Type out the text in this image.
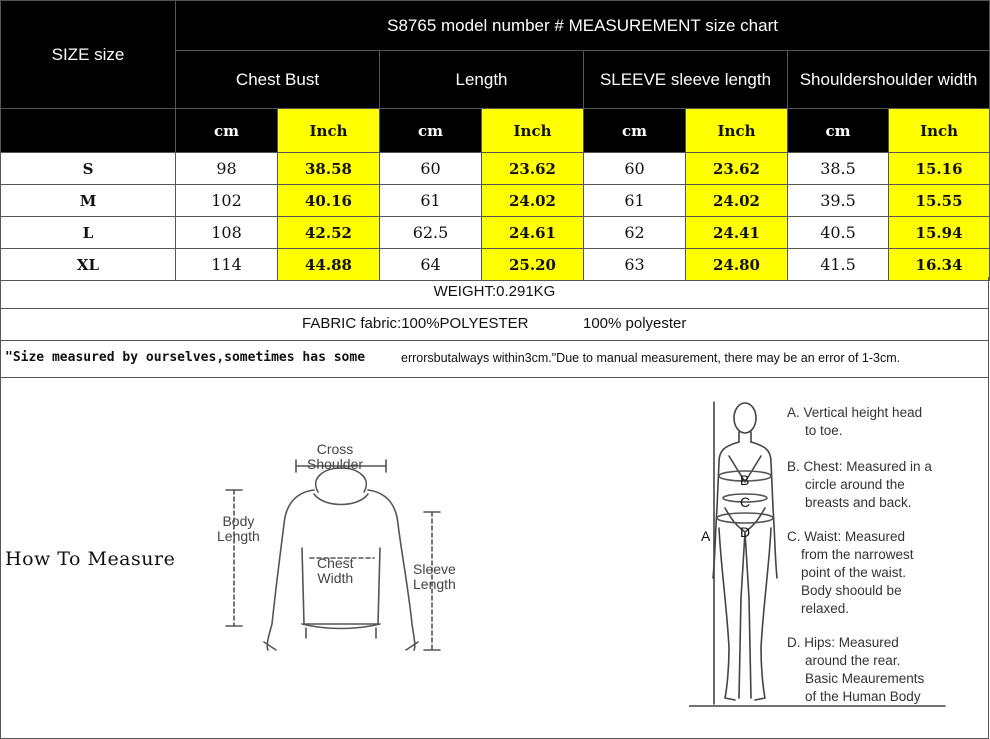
SIZE size	S8765 model number # MEASUREMENT size chart							
	Chest Bust		Length		SLEEVE sleeve length		Shouldershoulder width	
	cm	Inch	cm	Inch	cm	Inch	cm	Inch
S	98	38.58	60	23.62	60	23.62	38.5	15.16
M	102	40.16	61	24.02	61	24.02	39.5	15.55
L	108	42.52	62.5	24.61	62	24.41	40.5	15.94
XL	114	44.88	64	25.20	63	24.80	41.5	16.34
WEIGHT:0.291KG
FABRIC fabric:100%POLYESTER	100% polyester
"Size measured by ourselves,sometimes has some	errorsbutalways within3cm."Due to manual measurement, there may be an error of 1-3cm.
How To Measure
Cross
Shoulder
Body
Length
Chest
Width
Sleeve
Length
A
B
C
D
A. Vertical height head
to toe.
B. Chest: Measured in a
circle around the
breasts and back.
C. Waist: Measured
from the narrowest
point of the waist.
Body shoould be
relaxed.
D. Hips: Measured
around the rear.
Basic Meaurements
of the Human Body
